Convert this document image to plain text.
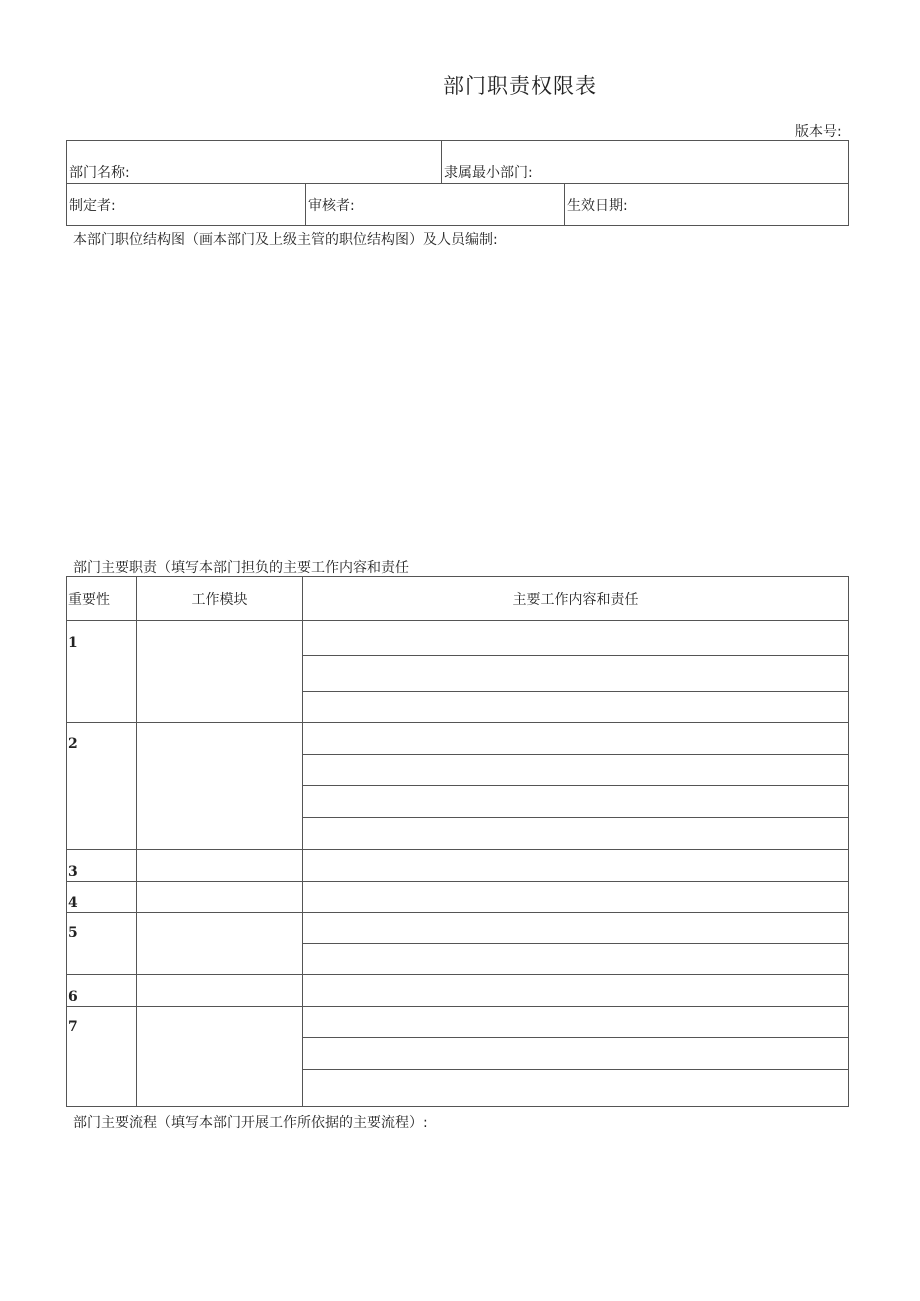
部门职责权限表
版本号:
部门名称:		隶属最小部门:	
制定者:	审核者:		生效日期:
本部门职位结构图（画本部门及上级主管的职位结构图）及人员编制:
部门主要职责（填写本部门担负的主要工作内容和责任
重要性	工作模块	主要工作内容和责任
1		

2		

3		
4		
5		

6		
7		

部门主要流程（填写本部门开展工作所依据的主要流程）:
